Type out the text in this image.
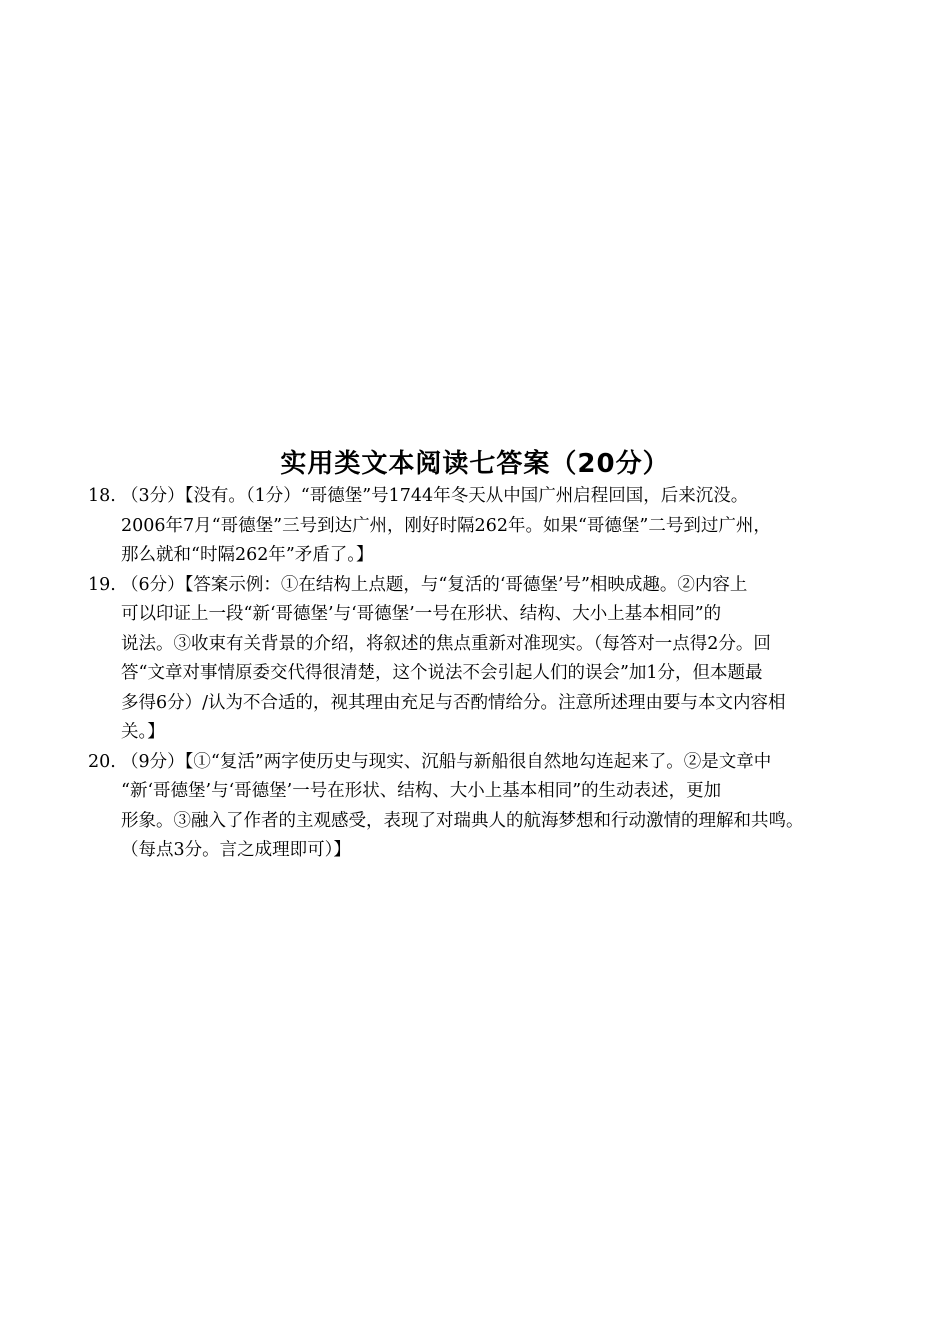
实用类文本阅读七答案（20分）
18. （3分）【没有。（1分）“哥德堡”号1744年冬天从中国广州启程回国，后来沉没。
2006年7月“哥德堡”三号到达广州，刚好时隔262年。如果“哥德堡”二号到过广州，
那么就和“时隔262年”矛盾了。】
19. （6分）【答案示例：①在结构上点题，与“复活的‘哥德堡’号”相映成趣。②内容上
可以印证上一段“新‘哥德堡’与‘哥德堡’一号在形状、结构、大小上基本相同”的
说法。③收束有关背景的介绍，将叙述的焦点重新对准现实。（每答对一点得2分。回
答“文章对事情原委交代得很清楚，这个说法不会引起人们的误会”加1分，但本题最
多得6分）/认为不合适的，视其理由充足与否酌情给分。注意所述理由要与本文内容相
关。】
20. （9分）【①“复活”两字使历史与现实、沉船与新船很自然地勾连起来了。②是文章中
“新‘哥德堡’与‘哥德堡’一号在形状、结构、大小上基本相同”的生动表述，更加
形象。③融入了作者的主观感受，表现了对瑞典人的航海梦想和行动激情的理解和共鸣。
（每点3分。言之成理即可）】
